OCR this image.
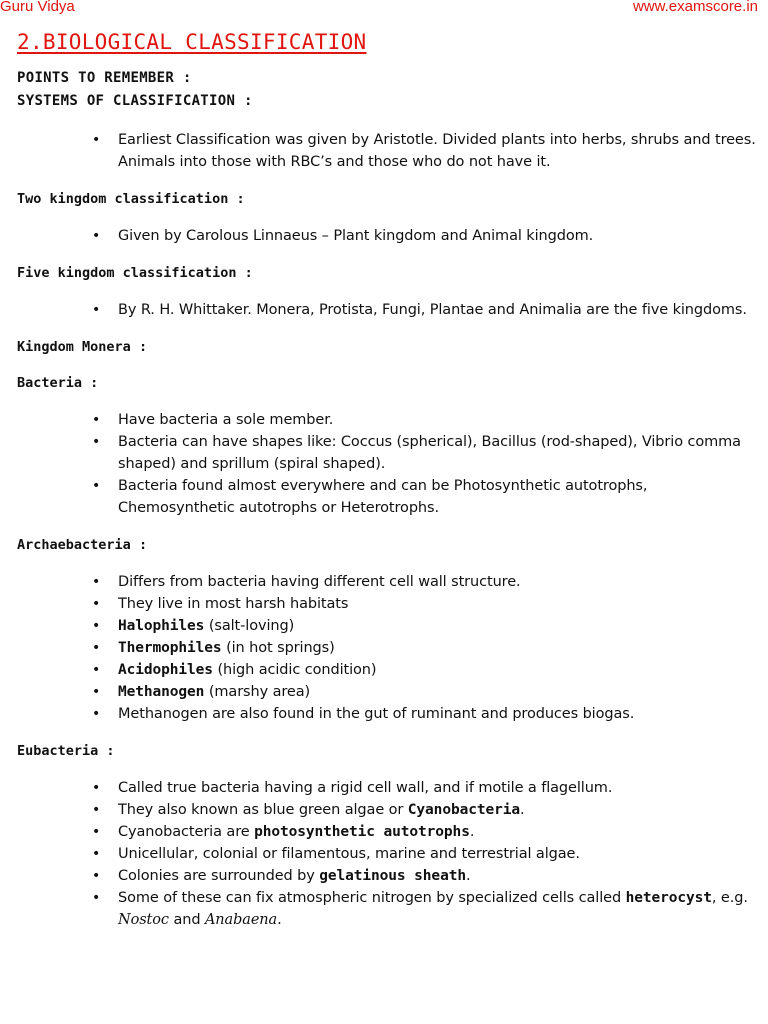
Guru Vidya	www.examscore.in
2.BIOLOGICAL CLASSIFICATION
POINTS TO REMEMBER :
SYSTEMS OF CLASSIFICATION :
• Earliest Classification was given by Aristotle. Divided plants into herbs, shrubs and trees. Animals into those with RBC’s and those who do not have it.
Two kingdom classification :
• Given by Carolous Linnaeus – Plant kingdom and Animal kingdom.
Five kingdom classification :
• By R. H. Whittaker. Monera, Protista, Fungi, Plantae and Animalia are the five kingdoms.
Kingdom Monera :
Bacteria :
• Have bacteria a sole member.
• Bacteria can have shapes like: Coccus (spherical), Bacillus (rod-shaped), Vibrio comma shaped) and sprillum (spiral shaped).
• Bacteria found almost everywhere and can be Photosynthetic autotrophs, Chemosynthetic autotrophs or Heterotrophs.
Archaebacteria :
• Differs from bacteria having different cell wall structure.
• They live in most harsh habitats
• Halophiles (salt-loving)
• Thermophiles (in hot springs)
• Acidophiles (high acidic condition)
• Methanogen (marshy area)
• Methanogen are also found in the gut of ruminant and produces biogas.
Eubacteria :
• Called true bacteria having a rigid cell wall, and if motile a flagellum.
• They also known as blue green algae or Cyanobacteria.
• Cyanobacteria are photosynthetic autotrophs.
• Unicellular, colonial or filamentous, marine and terrestrial algae.
• Colonies are surrounded by gelatinous sheath.
• Some of these can fix atmospheric nitrogen by specialized cells called heterocyst, e.g. Nostoc and Anabaena.
